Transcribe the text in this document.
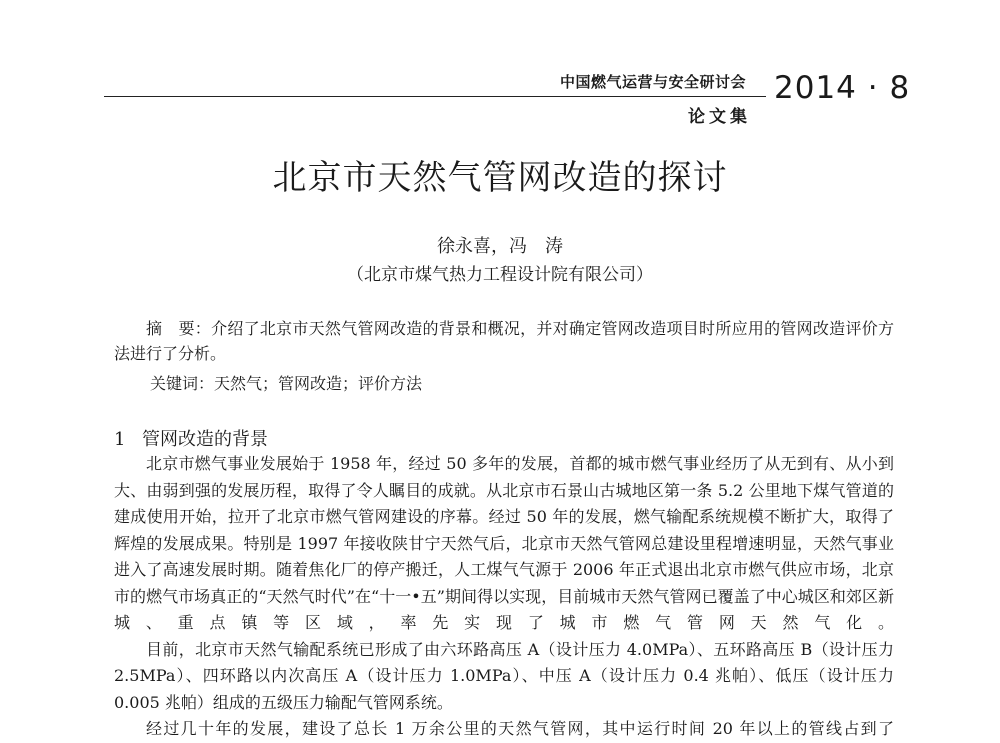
中国燃气运营与安全研讨会
论文集
2014 · 8
北京市天然气管网改造的探讨
徐永喜，冯　涛
（北京市煤气热力工程设计院有限公司）

摘　要：介绍了北京市天然气管网改造的背景和概况，并对确定管网改造项目时所应用的管网改造评价方法进行了分析。

关键词：天然气；管网改造；评价方法
1 管网改造的背景

北京市燃气事业发展始于 1958 年，经过 50 多年的发展，首都的城市燃气事业经历了从无到有、从小到大、由弱到强的发展历程，取得了令人瞩目的成就。从北京市石景山古城地区第一条 5.2 公里地下煤气管道的建成使用开始，拉开了北京市燃气管网建设的序幕。经过 50 年的发展，燃气输配系统规模不断扩大，取得了辉煌的发展成果。特别是 1997 年接收陕甘宁天然气后，北京市天然气管网总建设里程增速明显，天然气事业进入了高速发展时期。随着焦化厂的停产搬迁，人工煤气气源于 2006 年正式退出北京市燃气供应市场，北京市的燃气市场真正的“天然气时代”在“十一•五”期间得以实现，目前城市天然气管网已覆盖了中心城区和郊区新城、重点镇等区域，率先实现了城市燃气管网天然气化。

目前，北京市天然气输配系统已形成了由六环路高压 A（设计压力 4.0MPa）、五环路高压 B（设计压力 2.5MPa）、四环路以内次高压 A（设计压力 1.0MPa）、中压 A（设计压力 0.4 兆帕）、低压（设计压力 0.005 兆帕）组成的五级压力输配气管网系统。

经过几十年的发展，建设了总长 1 万余公里的天然气管网，其中运行时间 20 年以上的管线占到了
